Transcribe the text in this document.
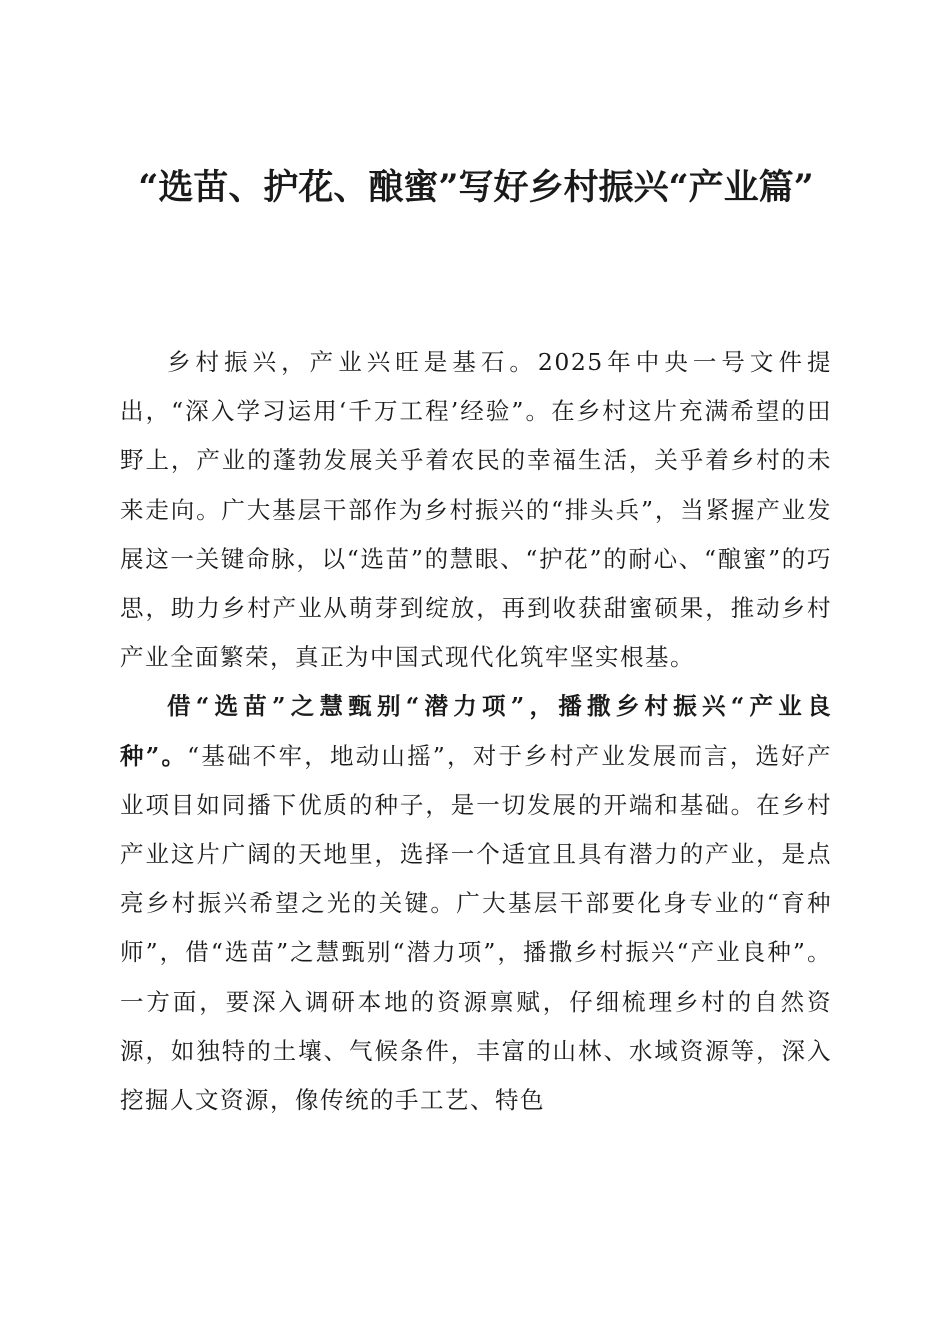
“选苗、护花、酿蜜”写好乡村振兴“产业篇”

乡村振兴，产业兴旺是基石。2025年中央一号文件提出，“深入学习运用‘千万工程’经验”。在乡村这片充满希望的田野上，产业的蓬勃发展关乎着农民的幸福生活，关乎着乡村的未来走向。广大基层干部作为乡村振兴的“排头兵”，当紧握产业发展这一关键命脉，以“选苗”的慧眼、“护花”的耐心、“酿蜜”的巧思，助力乡村产业从萌芽到绽放，再到收获甜蜜硕果，推动乡村产业全面繁荣，真正为中国式现代化筑牢坚实根基。

借“选苗”之慧甄别“潜力项”，播撒乡村振兴“产业良种”。“基础不牢，地动山摇”，对于乡村产业发展而言，选好产业项目如同播下优质的种子，是一切发展的开端和基础。在乡村产业这片广阔的天地里，选择一个适宜且具有潜力的产业，是点亮乡村振兴希望之光的关键。广大基层干部要化身专业的“育种师”，借“选苗”之慧甄别“潜力项”，播撒乡村振兴“产业良种”。一方面，要深入调研本地的资源禀赋，仔细梳理乡村的自然资源，如独特的土壤、气候条件，丰富的山林、水域资源等，深入挖掘人文资源，像传统的手工艺、特色
